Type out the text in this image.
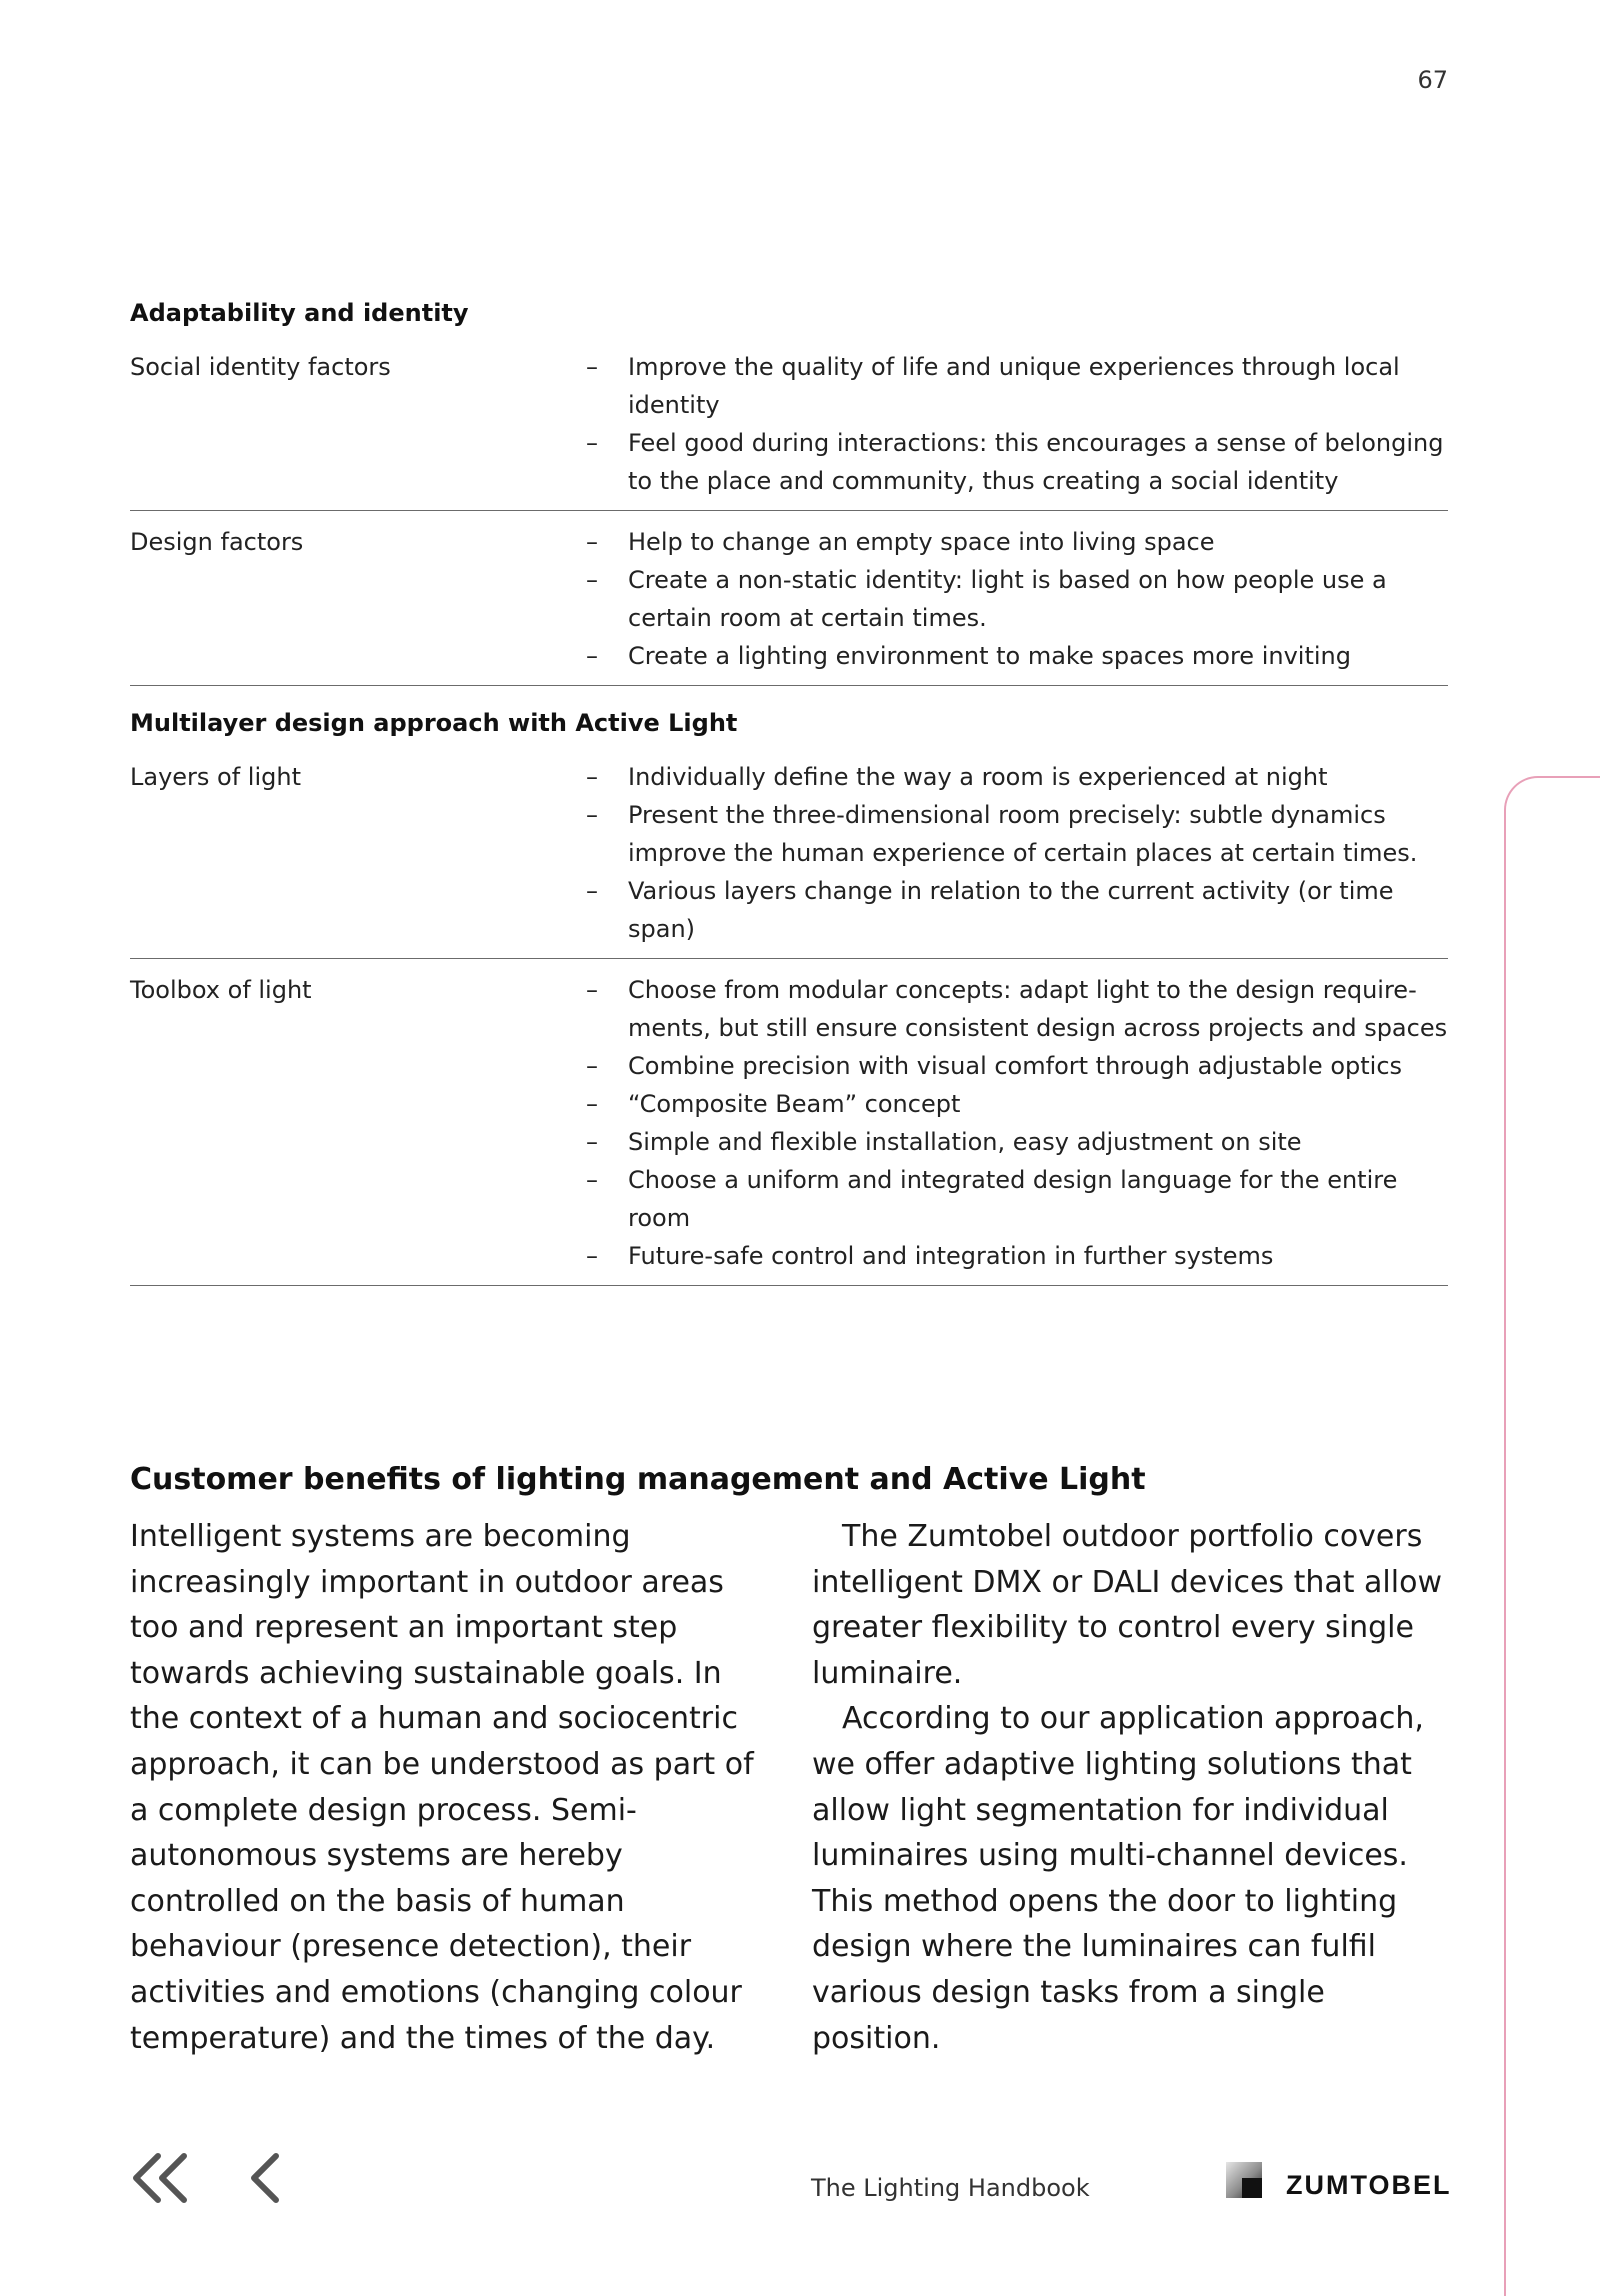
67
Adaptability and identity
Social identity factors	– Improve the quality of life and unique experiences through local identity
– Feel good during interactions: this encourages a sense of belonging to the place and community, thus creating a social identity
Design factors	– Help to change an empty space into living space
– Create a non-static identity: light is based on how people use a certain room at certain times.
– Create a lighting environment to make spaces more inviting
Multilayer design approach with Active Light
Layers of light	– Individually define the way a room is experienced at night
– Present the three-dimensional room precisely: subtle dynamics improve the human experience of certain places at certain times.
– Various layers change in relation to the current activity (or time span)
Toolbox of light	– Choose from modular concepts: adapt light to the design requirements, but still ensure consistent design across projects and spaces
– Combine precision with visual comfort through adjustable optics
– “Composite Beam” concept
– Simple and flexible installation, easy adjustment on site
– Choose a uniform and integrated design language for the entire room
– Future-safe control and integration in further systems
Customer benefits of lighting management and Active Light

Intelligent systems are becoming increasingly important in outdoor areas too and represent an important step towards achieving sustainable goals. In the context of a human and sociocentric approach, it can be understood as part of a complete design process. Semi-autonomous systems are hereby controlled on the basis of human behaviour (presence detection), their activities and emotions (changing colour temperature) and the times of the day.

The Zumtobel outdoor portfolio covers intelligent DMX or DALI devices that allow greater flexibility to control every single luminaire.

According to our application approach, we offer adaptive lighting solutions that allow light segmentation for individual luminaires using multi-channel devices. This method opens the door to lighting design where the luminaires can fulfil various design tasks from a single position.

The Lighting Handbook	ZUMTOBEL
